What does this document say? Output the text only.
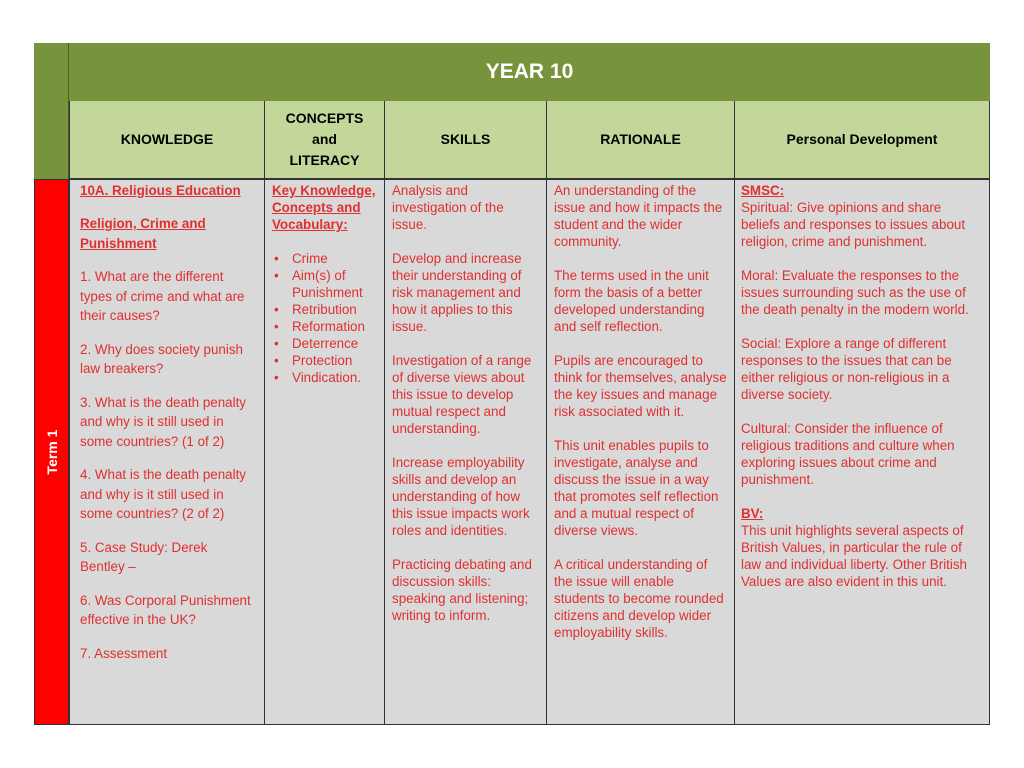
YEAR 10
Term 1
KNOWLEDGE
CONCEPTS and LITERACY
SKILLS	RATIONALE	Personal Development

10A. Religious Education

Religion, Crime and Punishment

1. What are the different types of crime and what are their causes?

2. Why does society punish law breakers?

3. What is the death penalty and why is it still used in some countries? (1 of 2)

4. What is the death penalty and why is it still used in some countries? (2 of 2)

5. Case Study: Derek Bentley –

6. Was Corporal Punishment effective in the UK?

7. Assessment

Key Knowledge, Concepts and Vocabulary:

• Crime
• Aim(s) of Punishment
• Retribution
• Reformation
• Deterrence
• Protection
• Vindication.

Analysis and investigation of the issue.

Develop and increase their understanding of risk management and how it applies to this issue.

Investigation of a range of diverse views about this issue to develop mutual respect and understanding.

Increase employability skills and develop an understanding of how this issue impacts work roles and identities.

Practicing debating and discussion skills: speaking and listening; writing to inform.

An understanding of the issue and how it impacts the student and the wider community.

The terms used in the unit form the basis of a better developed understanding and self reflection.

Pupils are encouraged to think for themselves, analyse the key issues and manage risk associated with it.

This unit enables pupils to investigate, analyse and discuss the issue in a way that promotes self reflection and a mutual respect of diverse views.

A critical understanding of the issue will enable students to become rounded citizens and develop wider employability skills.

SMSC:

Spiritual: Give opinions and share beliefs and responses to issues about religion, crime and punishment.

Moral: Evaluate the responses to the issues surrounding such as the use of the death penalty in the modern world.

Social: Explore a range of different responses to the issues that can be either religious or non-religious in a diverse society.

Cultural: Consider the influence of religious traditions and culture when exploring issues about crime and punishment.

BV:

This unit highlights several aspects of British Values, in particular the rule of law and individual liberty. Other British Values are also evident in this unit.
